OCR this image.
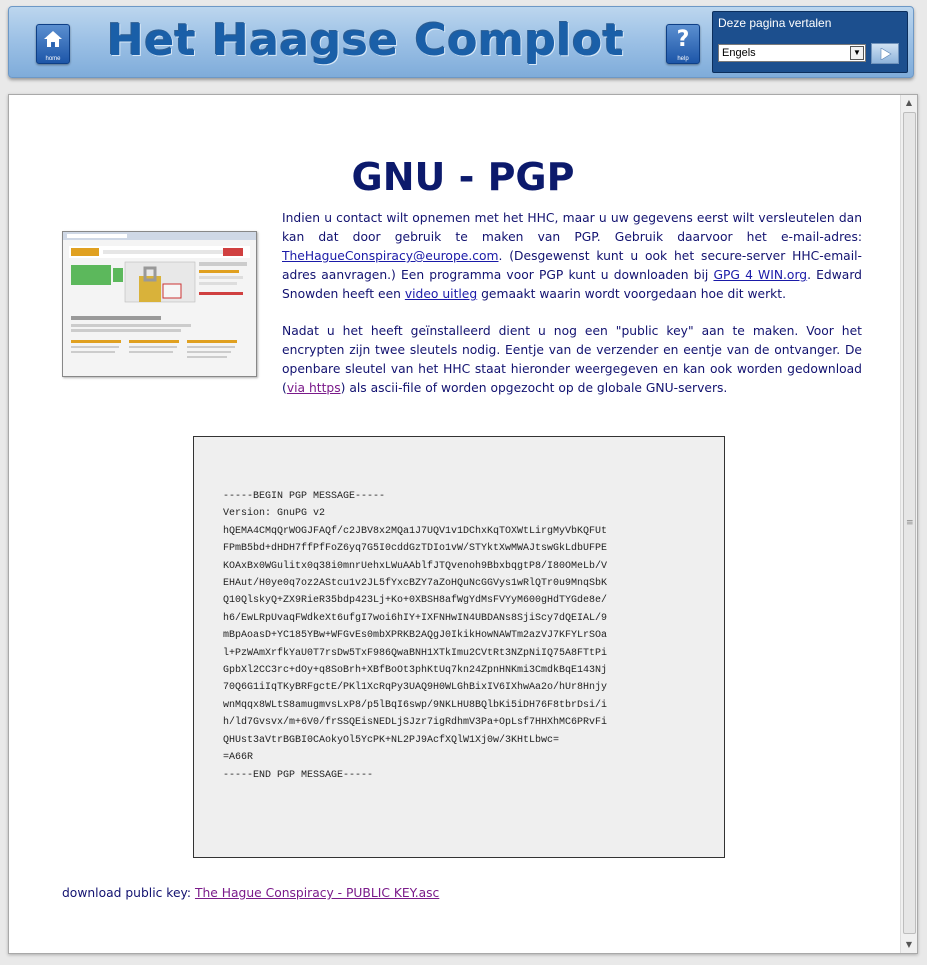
home Het Haagse Complot	?
help
Deze pagina vertalen
Engels	▼
GNU - PGP

Indien u contact wilt opnemen met het HHC, maar u uw gegevens eerst wilt versleutelen dan kan dat door gebruik te maken van PGP. Gebruik daarvoor het e-mail-adres: TheHagueConspiracy@europe.com. (Desgewenst kunt u ook het secure-server HHC-email-adres aanvragen.) Een programma voor PGP kunt u downloaden bij GPG 4 WIN.org. Edward Snowden heeft een video uitleg gemaakt waarin wordt voorgedaan hoe dit werkt.

Nadat u het heeft geïnstalleerd dient u nog een "public key" aan te maken. Voor het encrypten zijn twee sleutels nodig. Eentje van de verzender en eentje van de ontvanger. De openbare sleutel van het HHC staat hieronder weergegeven en kan ook worden gedownload (via https) als ascii-file of worden opgezocht op de globale GNU-servers.

-----BEGIN PGP MESSAGE-----
Version: GnuPG v2
hQEMA4CMqQrWOGJFAQf/c2JBV8x2MQa1J7UQV1v1DChxKqTOXWtLirgMyVbKQFUt
FPmB5bd+dHDH7ffPfFoZ6yq7G5I0cddGzTDIo1vW/STYktXwMWAJtswGkLdbUFPE
KOAxBx0WGulitx0q38i0mnrUehxLWuAAblfJTQvenoh9BbxbqgtP8/I80OMeLb/V
EHAut/H0ye0q7oz2AStcu1v2JL5fYxcBZY7aZoHQuNcGGVys1wRlQTr0u9MnqSbK
Q10QlskyQ+ZX9RieR35bdp423Lj+Ko+0XBSH8afWgYdMsFVYyM600gHdTYGde8e/
h6/EwLRpUvaqFWdkeXt6ufgI7woi6hIY+IXFNHwIN4UBDANs8SjiScy7dQEIAL/9
mBpAoasD+YC185YBw+WFGvEs0mbXPRKB2AQgJ0IkikHowNAWTm2azVJ7KFYLrSOa
l+PzWAmXrfkYaU0T7rsDw5TxF986QwaBNH1XTkImu2CVtRt3NZpNiIQ75A8FTtPi
GpbXl2CC3rc+dOy+q8SoBrh+XBfBoOt3phKtUq7kn24ZpnHNKmi3CmdkBqE143Nj
70Q6G1iIqTKyBRFgctE/PKl1XcRqPy3UAQ9H0WLGhBixIV6IXhwAa2o/hUr8Hnjy
wnMqqx8WLtS8amugmvsLxP8/p5lBqI6swp/9NKLHU8BQlbKi5iDH76F8tbrDsi/i
h/ld7Gvsvx/m+6V0/frSSQEisNEDLjSJzr7igRdhmV3Pa+OpLsf7HHXhMC6PRvFi
QHUst3aVtrBGBI0CAokyOl5YcPK+NL2PJ9AcfXQlW1Xj0w/3KHtLbwc=
=A66R
-----END PGP MESSAGE-----
download public key: The Hague Conspiracy - PUBLIC KEY.asc
▲
≡
▼
